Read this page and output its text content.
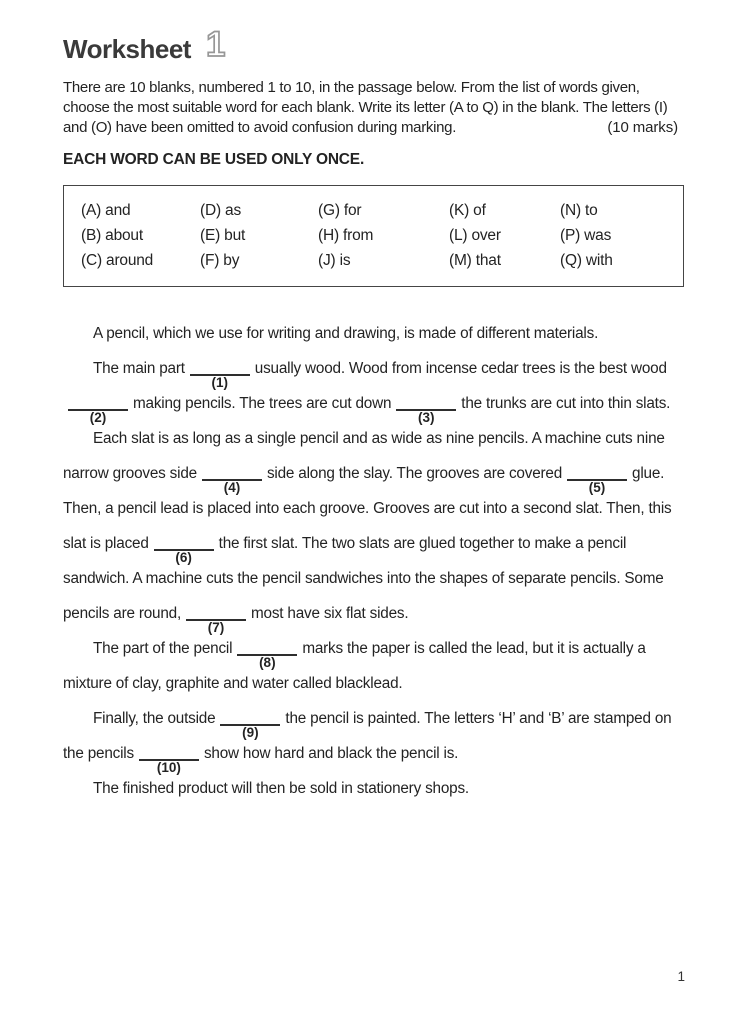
Worksheet 1

There are 10 blanks, numbered 1 to 10, in the passage below. From the list of words given, choose the most suitable word for each blank. Write its letter (A to Q) in the blank. The letters (I) and (O) have been omitted to avoid confusion during marking.	(10 marks)

EACH WORD CAN BE USED ONLY ONCE.

(A) and	(D) as	(G) for	(K) of	(N) to
(B) about	(E) but	(H) from	(L) over	(P) was
(C) around	(F) by	(J) is	(M) that	(Q) with

A pencil, which we use for writing and drawing, is made of different materials.

The main part
(1)
usually wood. Wood from incense cedar trees is the best wood
(2)
making pencils. The trees are cut down
(3)
the trunks are cut into thin slats.

Each slat is as long as a single pencil and as wide as nine pencils. A machine cuts nine narrow grooves side
(4)
side along the slay. The grooves are covered
(5)
glue. Then, a pencil lead is placed into each groove. Grooves are cut into a second slat. Then, this slat is placed
(6)
the first slat. The two slats are glued together to make a pencil sandwich. A machine cuts the pencil sandwiches into the shapes of separate pencils. Some pencils are round,
(7)
most have six flat sides.

The part of the pencil
(8)
marks the paper is called the lead, but it is actually a mixture of clay, graphite and water called blacklead.

Finally, the outside
(9)
the pencil is painted. The letters ‘H’ and ‘B’ are stamped on the pencils
(10)
show how hard and black the pencil is.

The finished product will then be sold in stationery shops.

1
